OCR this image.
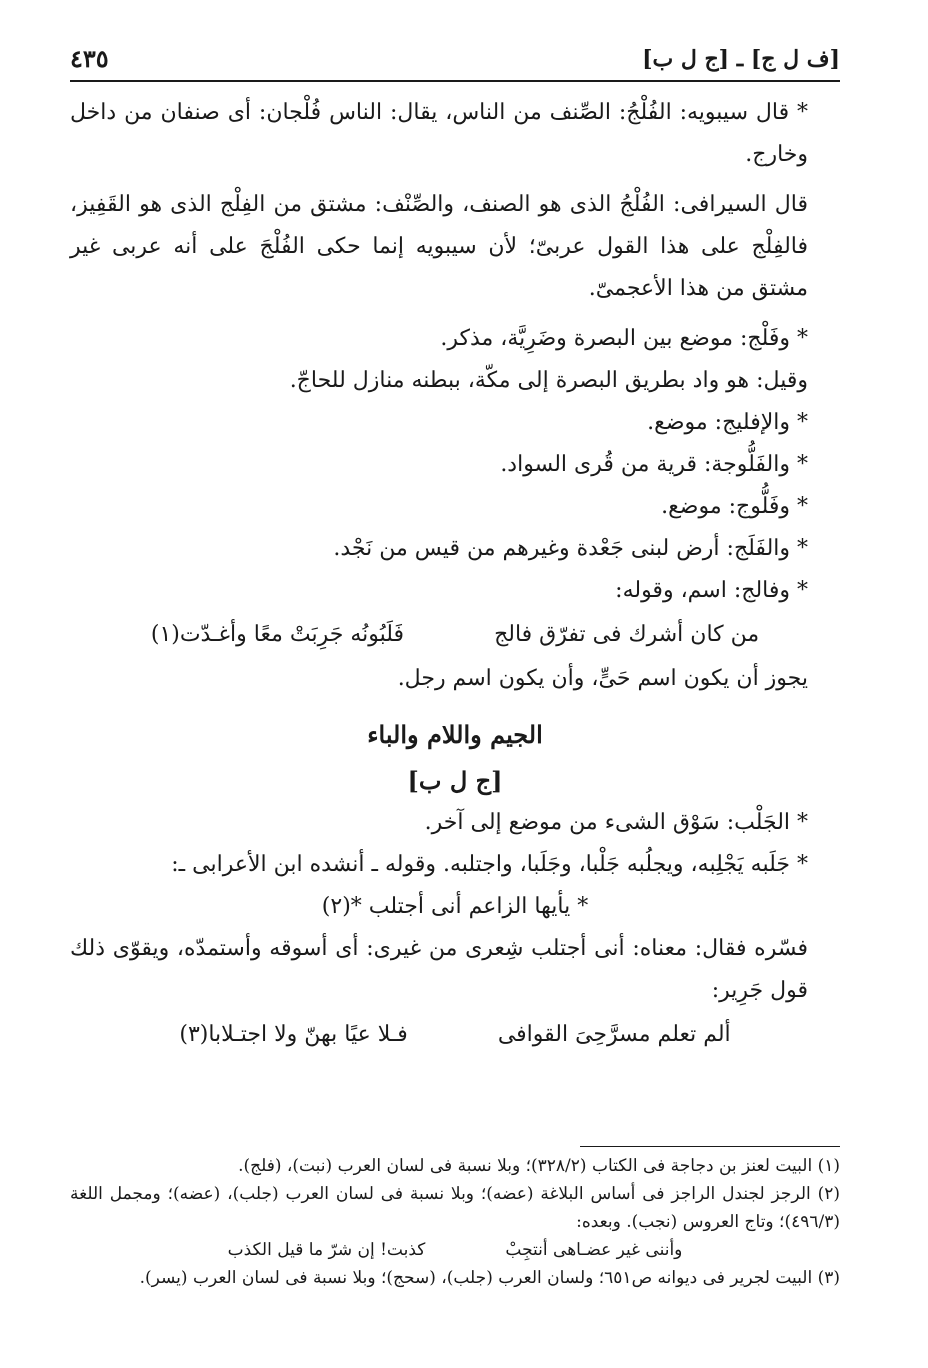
[ف ل ج] ـ [ج ل ب]
٤٣٥

* قال سيبويه: الفُلْجُ: الصِّنف من الناس، يقال: الناس فُلْجان: أى صنفان من داخل وخارج.

قال السيرافى: الفُلْجُ الذى هو الصنف، والصِّنْف: مشتق من الفِلْج الذى هو القَفِيز، فالفِلْج على هذا القول عربىّ؛ لأن سيبويه إنما حكى الفُلْجَ على أنه عربى غير مشتق من هذا الأعجمىّ.

* وفَلْج: موضع بين البصرة وضَرِيَّة، مذكر.

وقيل: هو واد بطريق البصرة إلى مكّة، ببطنه منازل للحاجّ.

* والإفليج: موضع.

* والفَلُّوجة: قرية من قُرى السواد.

* وفَلُّوج: موضع.

* والفَلَج: أرض لبنى جَعْدة وغيرهم من قيس من نَجْد.

* وفالج: اسم، وقوله:

من كان أشرك فى تفرّق فالج
فَلَبُونُه جَرِبَتْ معًا وأغـدّت(١)

يجوز أن يكون اسم حَىٍّ، وأن يكون اسم رجل.

الجيم واللام والباء
[ج ل ب]

* الجَلْب: سَوْق الشىء من موضع إلى آخر.

* جَلَبه يَجْلِبه، ويجلُبه جَلْبا، وجَلَبا، واجتلبه. وقوله ـ أنشده ابن الأعرابى ـ:

* يأيها الزاعم أنى أجتلب *(٢)

فسّره فقال: معناه: أنى أجتلب شِعرى من غيرى: أى أسوقه وأستمدّه، ويقوّى ذلك قول جَرِير:

ألم تعلم مسرَّحِىَ القوافى
فـلا عيًا بهنّ ولا اجتـلابا(٣)

(١) البيت لعنز بن دجاجة فى الكتاب (٣٢٨/٢)؛ وبلا نسبة فى لسان العرب (نبت)، (فلج).

(٢) الرجز لجندل الراجز فى أساس البلاغة (عضه)؛ وبلا نسبة فى لسان العرب (جلب)، (عضه)؛ ومجمل اللغة (٤٩٦/٣)؛ وتاج العروس (نجب). وبعده:

وأننى غير عضـاهى أنتجِبْ
كذبت! إن شرّ ما قيل الكذب

(٣) البيت لجرير فى ديوانه ص٦٥١؛ ولسان العرب (جلب)، (سحج)؛ وبلا نسبة فى لسان العرب (يسر).
